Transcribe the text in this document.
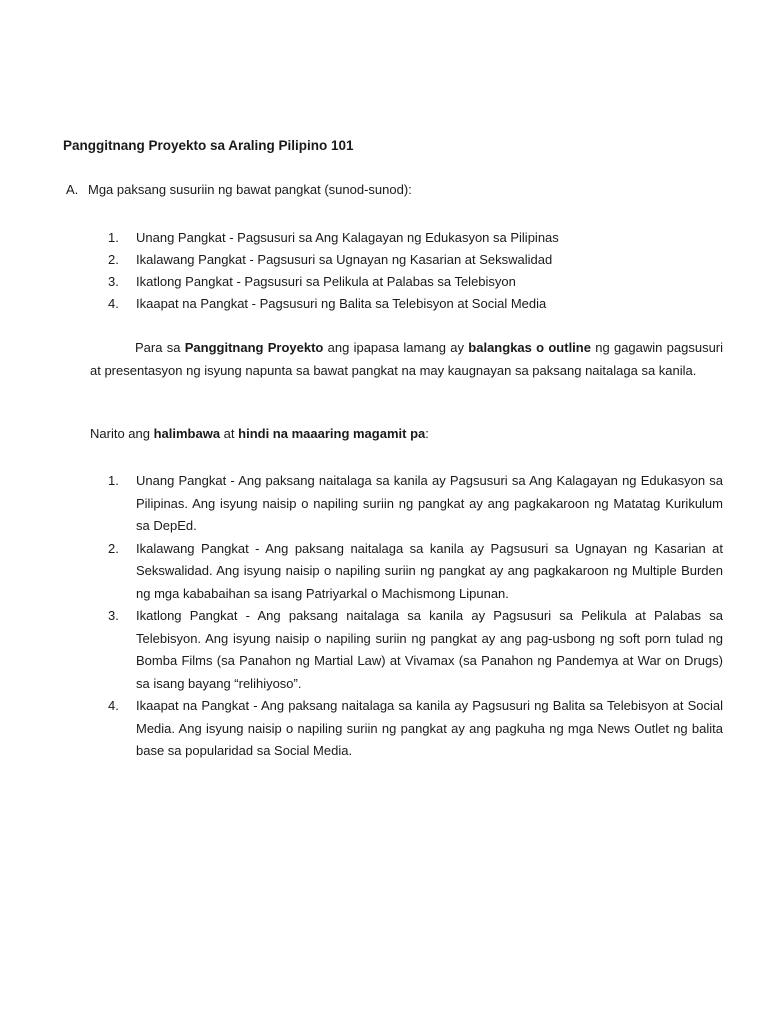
Panggitnang Proyekto sa Araling Pilipino 101
A. Mga paksang susuriin ng bawat pangkat (sunod-sunod):
1. Unang Pangkat - Pagsusuri sa Ang Kalagayan ng Edukasyon sa Pilipinas
2. Ikalawang Pangkat - Pagsusuri sa Ugnayan ng Kasarian at Sekswalidad
3. Ikatlong Pangkat - Pagsusuri sa Pelikula at Palabas sa Telebisyon
4. Ikaapat na Pangkat - Pagsusuri ng Balita sa Telebisyon at Social Media

Para sa Panggitnang Proyekto ang ipapasa lamang ay balangkas o outline ng gagawin pagsusuri at presentasyon ng isyung napunta sa bawat pangkat na may kaugnayan sa paksang naitalaga sa kanila.

Narito ang halimbawa at hindi na maaaring magamit pa:
1. Unang Pangkat - Ang paksang naitalaga sa kanila ay Pagsusuri sa Ang Kalagayan ng Edukasyon sa Pilipinas. Ang isyung naisip o napiling suriin ng pangkat ay ang pagkakaroon ng Matatag Kurikulum sa DepEd.
2. Ikalawang Pangkat - Ang paksang naitalaga sa kanila ay Pagsusuri sa Ugnayan ng Kasarian at Sekswalidad. Ang isyung naisip o napiling suriin ng pangkat ay ang pagkakaroon ng Multiple Burden ng mga kababaihan sa isang Patriyarkal o Machismong Lipunan.
3. Ikatlong Pangkat - Ang paksang naitalaga sa kanila ay Pagsusuri sa Pelikula at Palabas sa Telebisyon. Ang isyung naisip o napiling suriin ng pangkat ay ang pag-usbong ng soft porn tulad ng Bomba Films (sa Panahon ng Martial Law) at Vivamax (sa Panahon ng Pandemya at War on Drugs) sa isang bayang “relihiyoso”.
4. Ikaapat na Pangkat - Ang paksang naitalaga sa kanila ay Pagsusuri ng Balita sa Telebisyon at Social Media. Ang isyung naisip o napiling suriin ng pangkat ay ang pagkuha ng mga News Outlet ng balita base sa popularidad sa Social Media.
